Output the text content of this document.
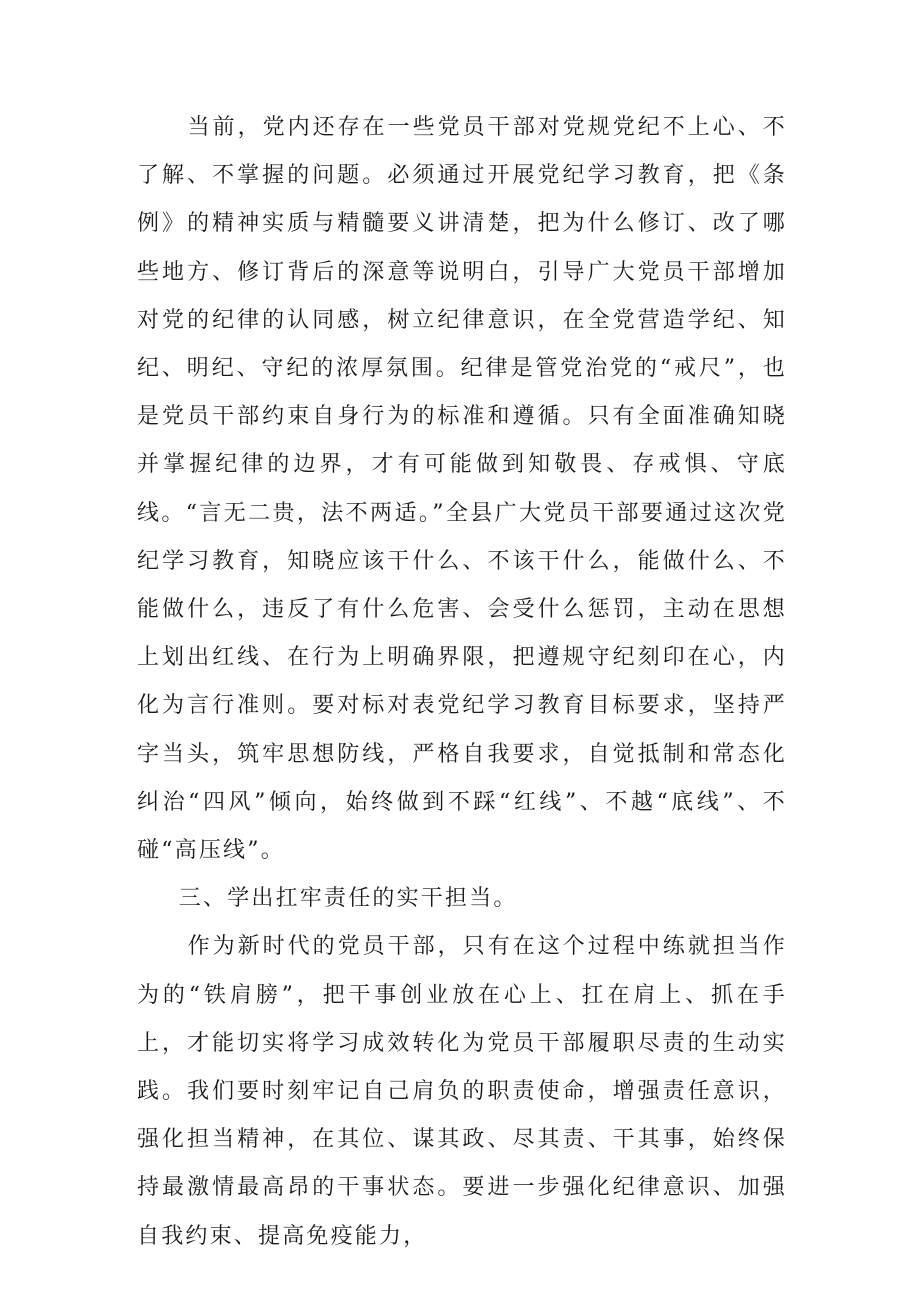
当前，党内还存在一些党员干部对党规党纪不上心、不了解、不掌握的问题。必须通过开展党纪学习教育，把《条例》的精神实质与精髓要义讲清楚，把为什么修订、改了哪些地方、修订背后的深意等说明白，引导广大党员干部增加对党的纪律的认同感，树立纪律意识，在全党营造学纪、知纪、明纪、守纪的浓厚氛围。纪律是管党治党的“戒尺”，也是党员干部约束自身行为的标准和遵循。只有全面准确知晓并掌握纪律的边界，才有可能做到知敬畏、存戒惧、守底线。“言无二贵，法不两适。”全县广大党员干部要通过这次党纪学习教育，知晓应该干什么、不该干什么，能做什么、不能做什么，违反了有什么危害、会受什么惩罚，主动在思想上划出红线、在行为上明确界限，把遵规守纪刻印在心，内化为言行准则。要对标对表党纪学习教育目标要求，坚持严字当头，筑牢思想防线，严格自我要求，自觉抵制和常态化纠治“四风”倾向，始终做到不踩“红线”、不越“底线”、不碰“高压线”。

三、学出扛牢责任的实干担当。

作为新时代的党员干部，只有在这个过程中练就担当作为的“铁肩膀”，把干事创业放在心上、扛在肩上、抓在手上，才能切实将学习成效转化为党员干部履职尽责的生动实践。我们要时刻牢记自己肩负的职责使命，增强责任意识，强化担当精神，在其位、谋其政、尽其责、干其事，始终保持最激情最高昂的干事状态。要进一步强化纪律意识、加强自我约束、提高免疫能力，
